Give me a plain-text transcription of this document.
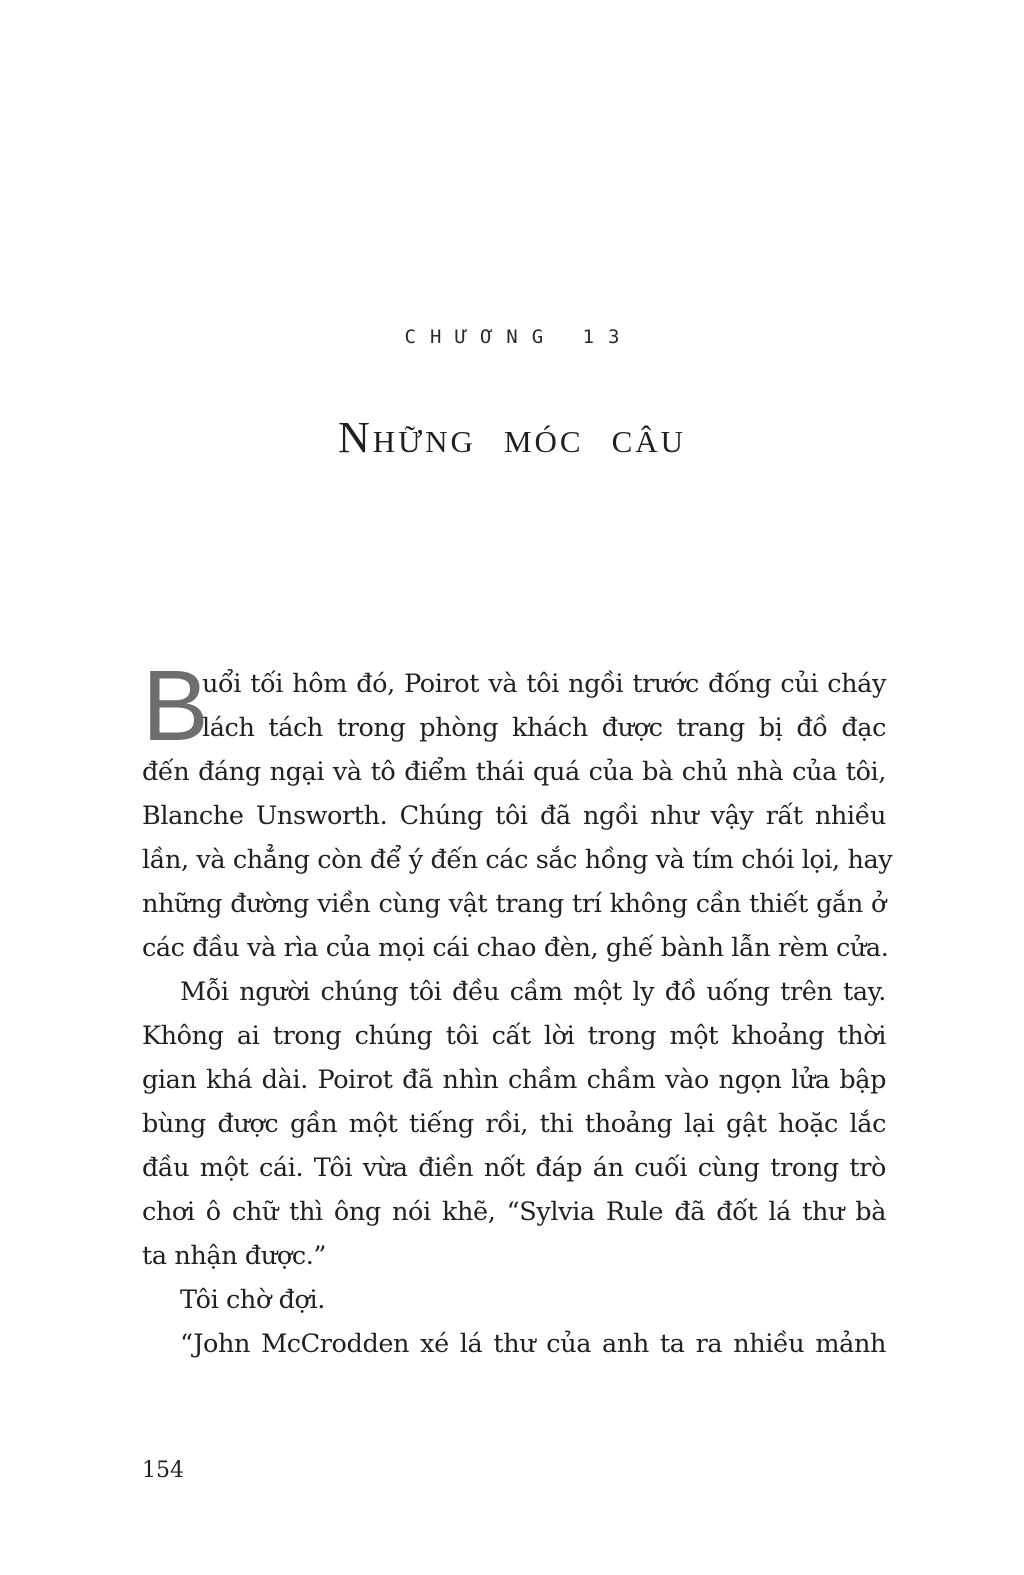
CHƯƠNG 13
Những móc câu
B
uổi tối hôm đó, Poirot và tôi ngồi trước đống củi cháy
lách tách trong phòng khách được trang bị đồ đạc
đến đáng ngại và tô điểm thái quá của bà chủ nhà của tôi,
Blanche Unsworth. Chúng tôi đã ngồi như vậy rất nhiều
lần, và chẳng còn để ý đến các sắc hồng và tím chói lọi, hay
những đường viền cùng vật trang trí không cần thiết gắn ở
các đầu và rìa của mọi cái chao đèn, ghế bành lẫn rèm cửa.
Mỗi người chúng tôi đều cầm một ly đồ uống trên tay.
Không ai trong chúng tôi cất lời trong một khoảng thời
gian khá dài. Poirot đã nhìn chầm chầm vào ngọn lửa bập
bùng được gần một tiếng rồi, thi thoảng lại gật hoặc lắc
đầu một cái. Tôi vừa điền nốt đáp án cuối cùng trong trò
chơi ô chữ thì ông nói khẽ, “Sylvia Rule đã đốt lá thư bà
ta nhận được.”
Tôi chờ đợi.
“John McCrodden xé lá thư của anh ta ra nhiều mảnh
154
